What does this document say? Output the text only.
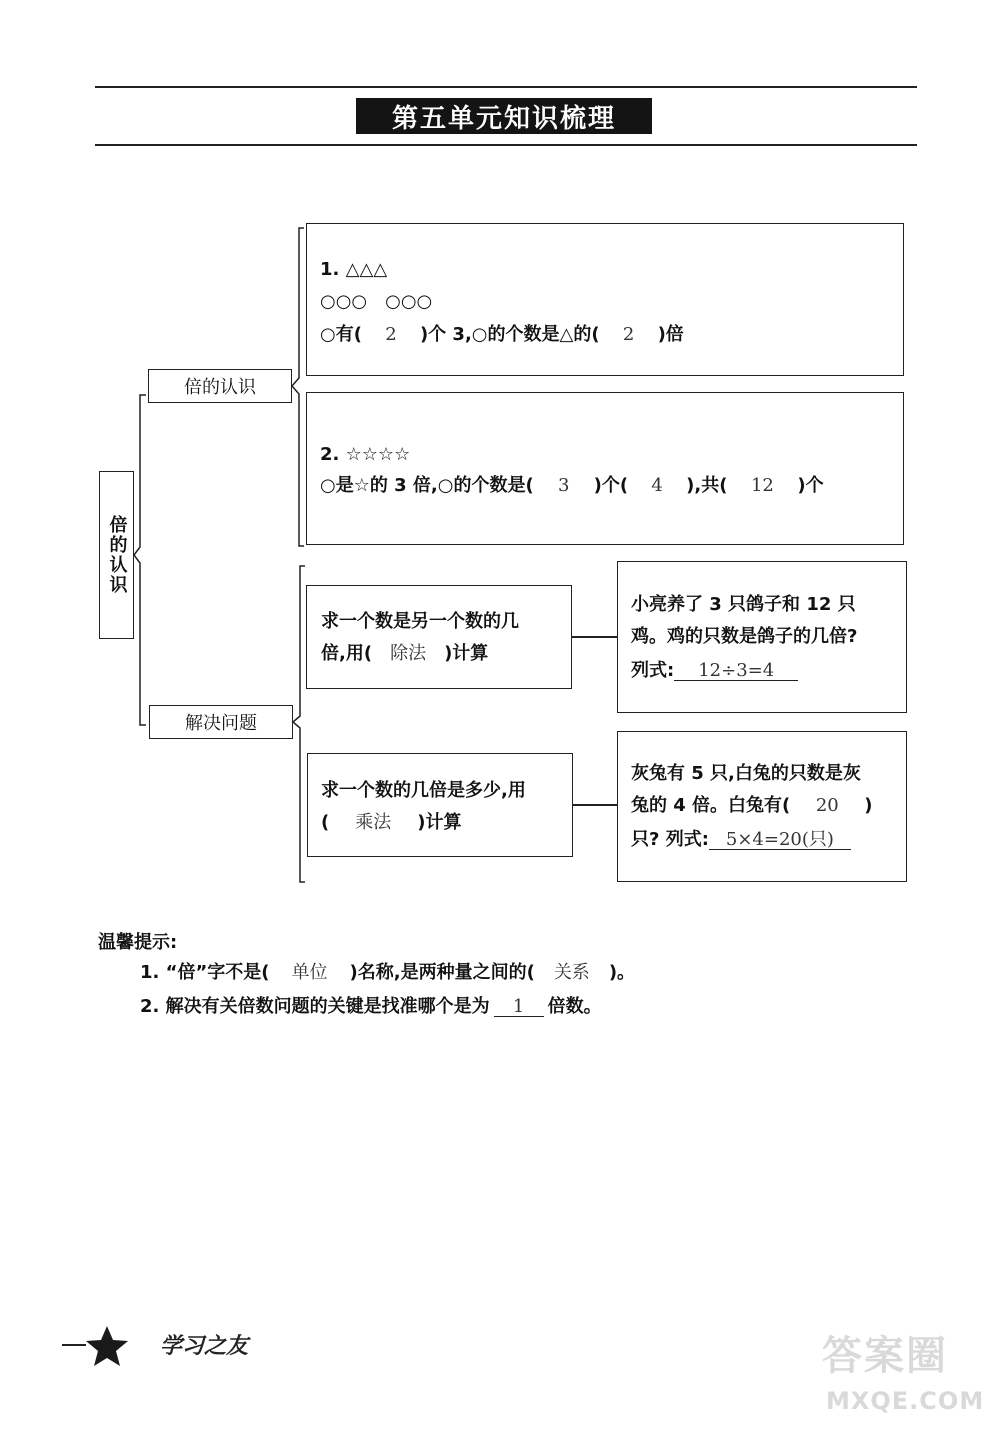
第五单元知识梳理
倍的认识
倍的认识
解决问题
1. △△△
○○○　○○○
○有( 2 )个 3,○的个数是△的( 2 )倍
2. ☆☆☆☆
○是☆的 3 倍,○的个数是( 3 )个( 4 ),共( 12 )个
求一个数是另一个数的几
倍,用( 除法 )计算
小亮养了 3 只鸽子和 12 只
鸡。鸡的只数是鸽子的几倍?
列式: 12÷3=4
求一个数的几倍是多少,用
( 乘法 )计算
灰兔有 5 只,白兔的只数是灰
兔的 4 倍。白兔有( 20 )
只? 列式: 5×4=20(只)
温馨提示:
1. “倍”字不是( 单位 )名称,是两种量之间的( 关系 )。
2. 解决有关倍数问题的关键是找准哪个是为 1 倍数。
学习之友	答案圈
MXQE.COM
